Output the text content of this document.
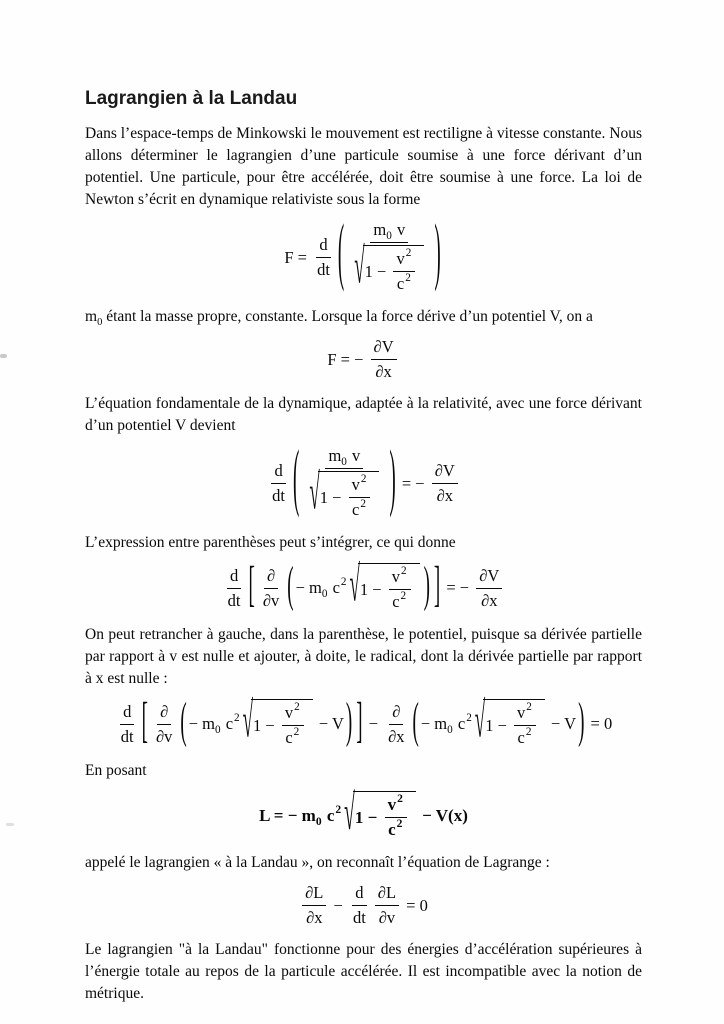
Lagrangien à la Landau

Dans l’espace-temps de Minkowski le mouvement est rectiligne à vitesse constante. Nous allons déterminer le lagrangien d’une particule soumise à une force dérivant d’un potentiel. Une particule, pour être accélérée, doit être soumise à une force. La loi de Newton s’écrit en dynamique relativiste sous la forme

$F = \frac{d}{dt}$ ( $\frac{m 0 v}{√ 1 - \frac{v 2}{c 2}}$ )

$m_0$ étant la masse propre, constante. Lorsque la force dérive d’un potentiel V, on a

F = − $\frac{\partial V}{\partial x}$

L’équation fondamentale de la dynamique, adaptée à la relativité, avec une force dérivant d’un potentiel V devient

$\frac{d}{dt}$ ( $\frac{m 0 v}{√ 1 - \frac{v 2}{c 2}}$ ) = − $\frac{\partial V}{\partial x}$

L’expression entre parenthèses peut s’intégrer, ce qui donne

$\frac{d}{dt}$ [ $\frac{\partial}{\partial v}$ ( − m 0 c 2 √ $1 - \frac{v 2}{c 2}$ ) ] = − $\frac{\partial V}{\partial x}$

On peut retrancher à gauche, dans la parenthèse, le potentiel, puisque sa dérivée partielle par rapport à v est nulle et ajouter, à doite, le radical, dont la dérivée partielle par rapport à x est nulle :

$\frac{d}{dt}$ [ $\frac{\partial}{\partial v}$ ( − m 0 c 2 √ $1 - \frac{v 2}{c 2} - V$ ) ] − $\frac{\partial}{\partial x}$ ( − m 0 c 2 √ $1 - \frac{v 2}{c 2} - V$ ) = 0

En posant

L = − m 0 c 2 √ $1 - \frac{v 2}{c 2} - V(x)$

appelé le lagrangien « à la Landau », on reconnaît l’équation de Lagrange :

$\frac{\partial L}{\partial x} - \frac{d}{dt} \frac{\partial L}{\partial v} = 0$

Le lagrangien "à la Landau" fonctionne pour des énergies d’accélération supérieures à l’énergie totale au repos de la particule accélérée. Il est incompatible avec la notion de métrique.
